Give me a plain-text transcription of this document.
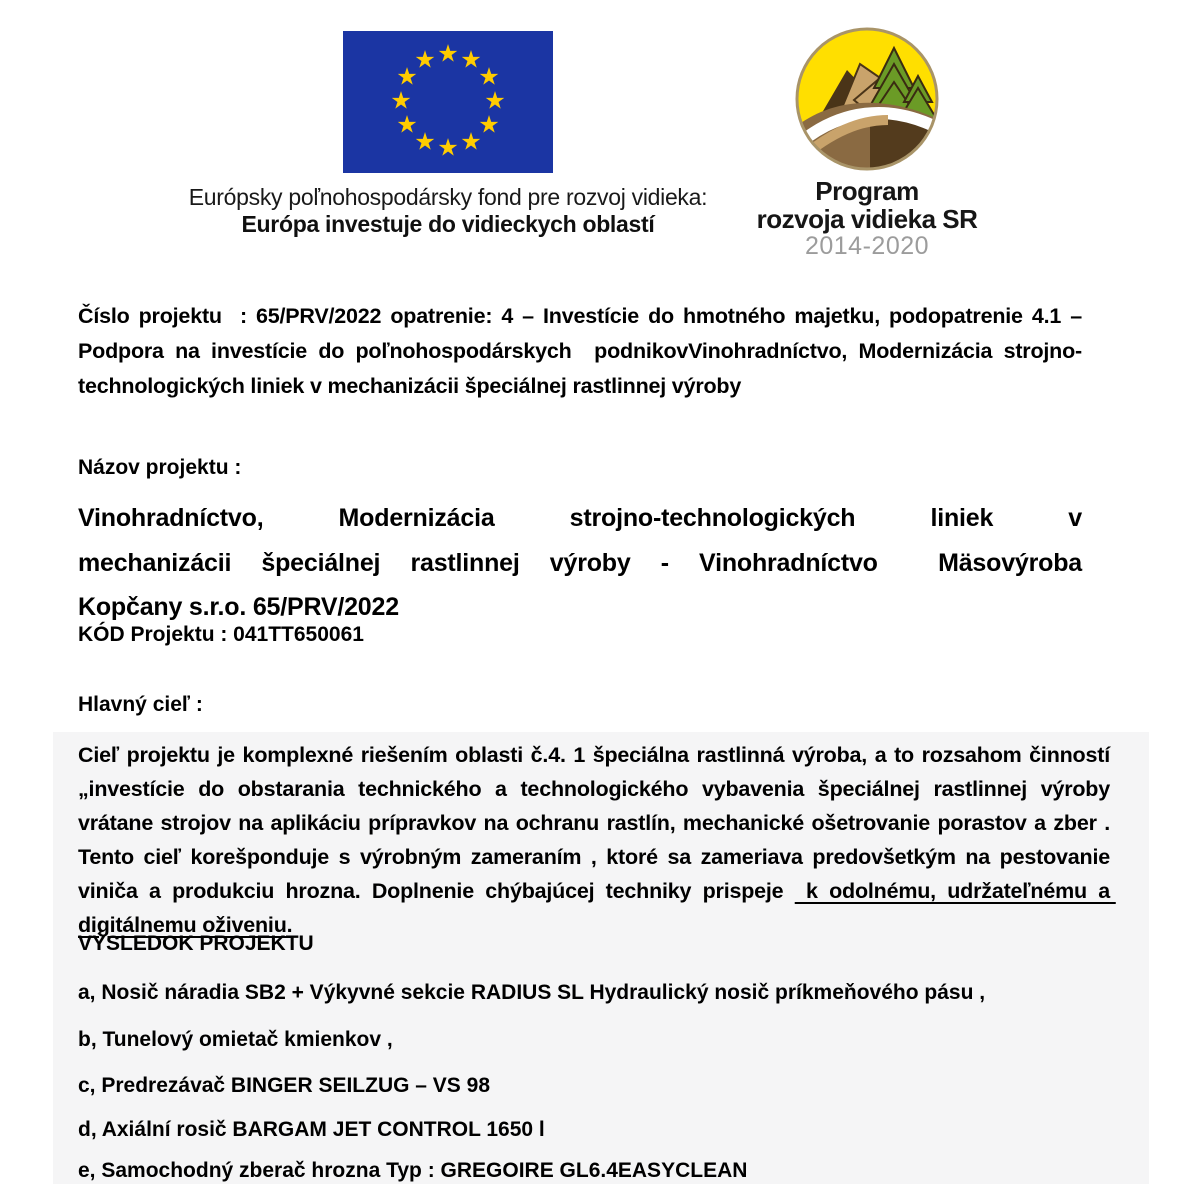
★ ★
★
★
★
★
★
★
★
★
★
★
Európsky poľnohospodársky fond pre rozvoj vidieka:
Európa investuje do vidieckych oblastí
Program
rozvoja vidieka SR
2014-2020

Číslo projektu  : 65/PRV/2022 opatrenie: 4 – Investície do hmotného majetku, podopatrenie 4.1 – Podpora na investície do poľnohospodárskych  podnikovVinohradníctvo, Modernizácia strojno-technologických liniek v mechanizácii špeciálnej rastlinnej výroby

Názov projektu :
Vinohradníctvo, Modernizácia strojno-technologických liniek v
mechanizácii špeciálnej rastlinnej výroby - Vinohradníctvo  Mäsovýroba
Kopčany s.r.o. 65/PRV/2022
KÓD Projektu : 041TT650061
Hlavný cieľ :

Cieľ projektu je komplexné riešením oblasti č.4. 1 špeciálna rastlinná výroba, a to rozsahom činností „investície do obstarania technického a technologického vybavenia špeciálnej rastlinnej výroby vrátane strojov na aplikáciu prípravkov na ochranu rastlín, mechanické ošetrovanie porastov a zber . Tento cieľ korešponduje s výrobným zameraním , ktoré sa zameriava predovšetkým na pestovanie viniča a produkciu hrozna. Doplnenie chýbajúcej techniky prispeje  k odolnému, udržateľnému a digitálnemu oživeniu.

VÝSLEDOK PROJEKTU
a, Nosič náradia SB2 + Výkyvné sekcie RADIUS SL Hydraulický nosič príkmeňového pásu ,
b, Tunelový omietač kmienkov ,
c, Predrezávač BINGER SEILZUG – VS 98
d, Axiální rosič BARGAM JET CONTROL 1650 l
e, Samochodný zberač hrozna Typ : GREGOIRE GL6.4EASYCLEAN
